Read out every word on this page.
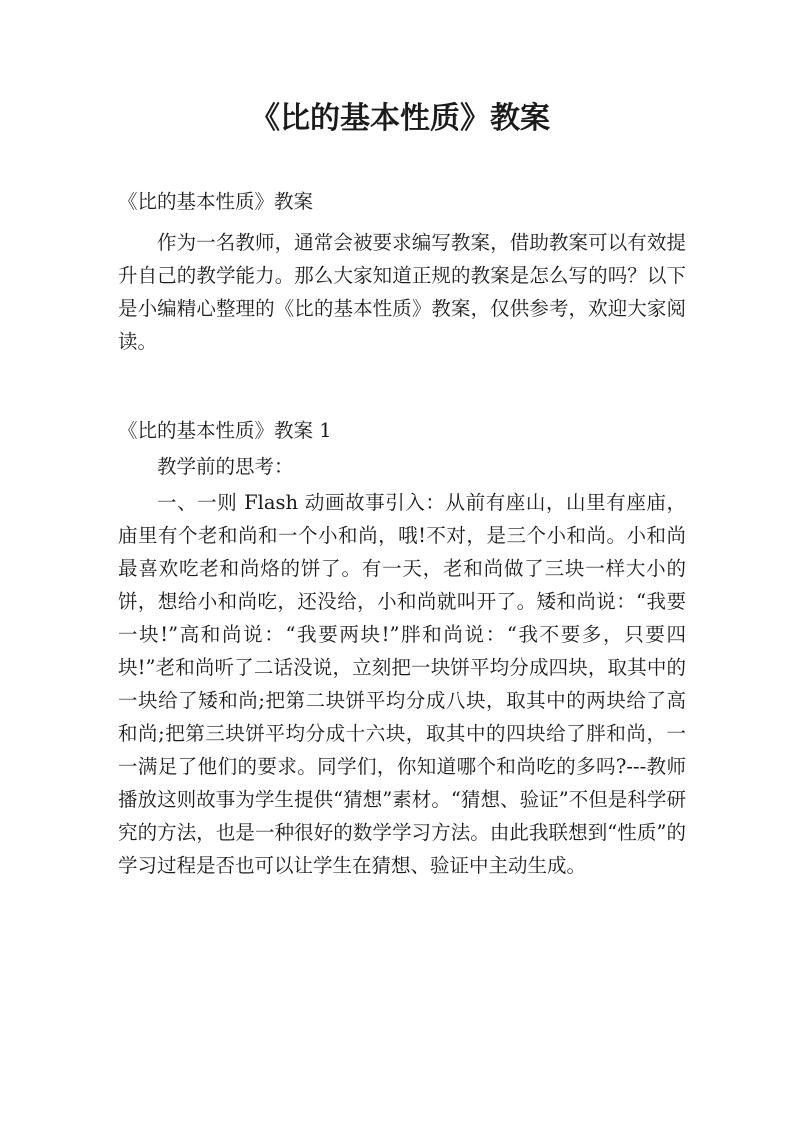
《比的基本性质》教案

《比的基本性质》教案

作为一名教师，通常会被要求编写教案，借助教案可以有效提升自己的教学能力。那么大家知道正规的教案是怎么写的吗？以下是小编精心整理的《比的基本性质》教案，仅供参考，欢迎大家阅读。

《比的基本性质》教案 1

教学前的思考：

一、一则 Flash 动画故事引入：从前有座山，山里有座庙，庙里有个老和尚和一个小和尚，哦!不对，是三个小和尚。小和尚最喜欢吃老和尚烙的饼了。有一天，老和尚做了三块一样大小的饼，想给小和尚吃，还没给，小和尚就叫开了。矮和尚说：“我要一块!”高和尚说：“我要两块!”胖和尚说：“我不要多，只要四块!”老和尚听了二话没说，立刻把一块饼平均分成四块，取其中的一块给了矮和尚;把第二块饼平均分成八块，取其中的两块给了高和尚;把第三块饼平均分成十六块，取其中的四块给了胖和尚，一一满足了他们的要求。同学们，你知道哪个和尚吃的多吗?---教师播放这则故事为学生提供“猜想”素材。“猜想、验证”不但是科学研究的方法，也是一种很好的数学学习方法。由此我联想到“性质”的学习过程是否也可以让学生在猜想、验证中主动生成。
